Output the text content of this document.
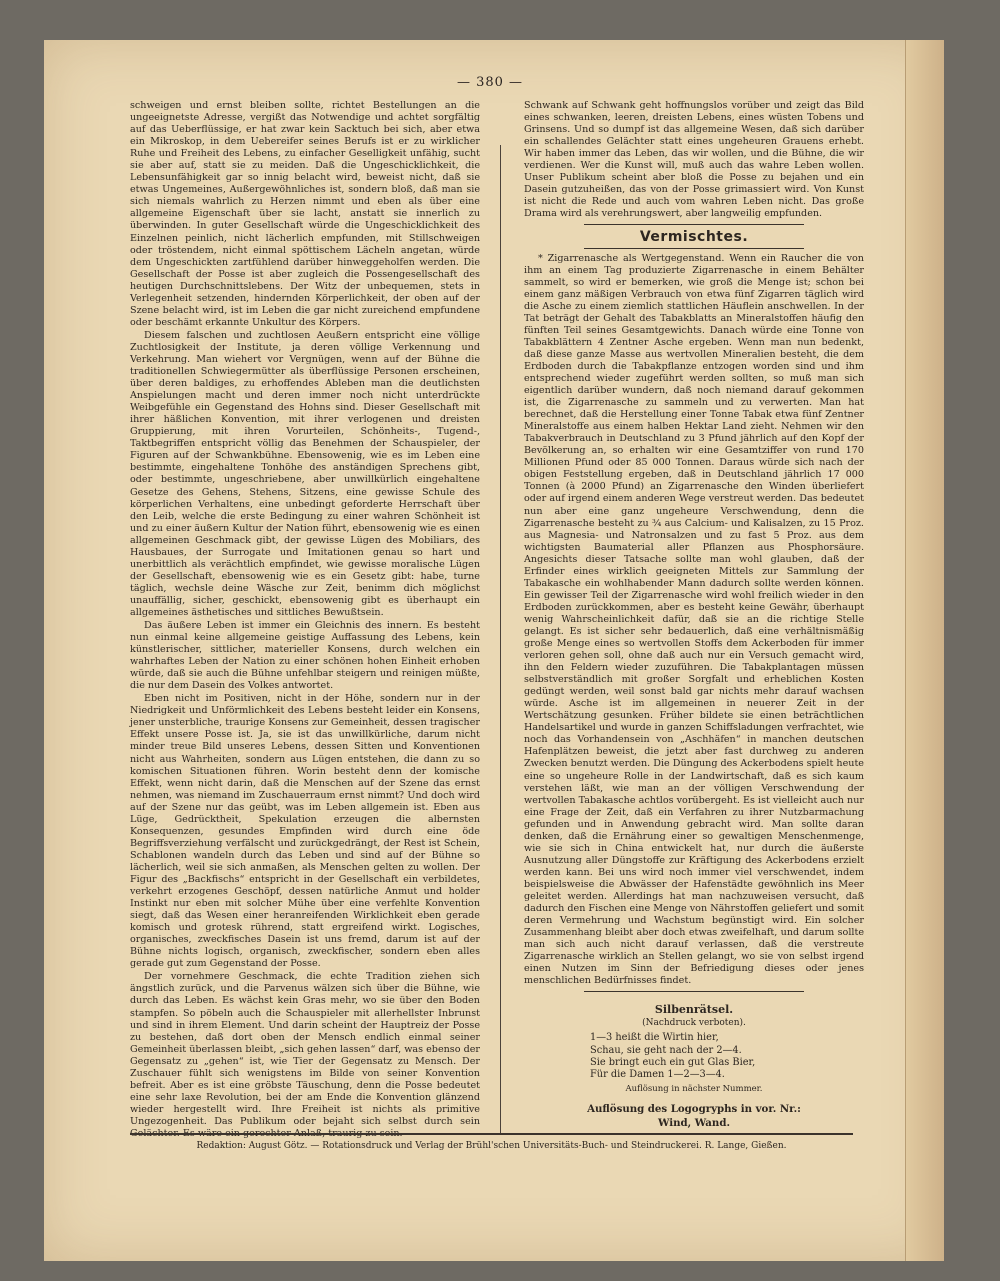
— 380 —

schweigen und ernst bleiben sollte, richtet Bestellungen an die ungeeignetste Adresse, vergißt das Notwendige und achtet sorgfältig auf das Ueberflüssige, er hat zwar kein Sacktuch bei sich, aber etwa ein Mikroskop, in dem Uebereifer seines Berufs ist er zu wirklicher Ruhe und Freiheit des Lebens, zu einfacher Geselligkeit unfähig, sucht sie aber auf, statt sie zu meiden. Daß die Ungeschicklichkeit, die Lebensunfähigkeit gar so innig belacht wird, beweist nicht, daß sie etwas Ungemeines, Außergewöhnliches ist, sondern bloß, daß man sie sich niemals wahrlich zu Herzen nimmt und eben als über eine allgemeine Eigenschaft über sie lacht, anstatt sie innerlich zu überwinden. In guter Gesellschaft würde die Ungeschicklichkeit des Einzelnen peinlich, nicht lächerlich empfunden, mit Stillschweigen oder tröstendem, nicht einmal spöttischem Lächeln angetan, würde dem Ungeschickten zartfühlend darüber hinweggeholfen werden. Die Gesellschaft der Posse ist aber zugleich die Possengesellschaft des heutigen Durchschnittslebens. Der Witz der unbequemen, stets in Verlegenheit setzenden, hindernden Körperlichkeit, der oben auf der Szene belacht wird, ist im Leben die gar nicht zureichend empfundene oder beschämt erkannte Unkultur des Körpers.

Diesem falschen und zuchtlosen Aeußern entspricht eine völlige Zuchtlosigkeit der Institute, ja deren völlige Verkennung und Verkehrung. Man wiehert vor Vergnügen, wenn auf der Bühne die traditionellen Schwiegermütter als überflüssige Personen erscheinen, über deren baldiges, zu erhoffendes Ableben man die deutlichsten Anspielungen macht und deren immer noch nicht unterdrückte Weibgefühle ein Gegenstand des Hohns sind. Dieser Gesellschaft mit ihrer häßlichen Konvention, mit ihrer verlogenen und dreisten Gruppierung, mit ihren Vorurteilen, Schönheits-, Tugend-, Taktbegriffen entspricht völlig das Benehmen der Schauspieler, der Figuren auf der Schwankbühne. Ebensowenig, wie es im Leben eine bestimmte, eingehaltene Tonhöhe des anständigen Sprechens gibt, oder bestimmte, ungeschriebene, aber unwillkürlich eingehaltene Gesetze des Gehens, Stehens, Sitzens, eine gewisse Schule des körperlichen Verhaltens, eine unbedingt geforderte Herrschaft über den Leib, welche die erste Bedingung zu einer wahren Schönheit ist und zu einer äußern Kultur der Nation führt, ebensowenig wie es einen allgemeinen Geschmack gibt, der gewisse Lügen des Mobiliars, des Hausbaues, der Surrogate und Imitationen genau so hart und unerbittlich als verächtlich empfindet, wie gewisse moralische Lügen der Gesellschaft, ebensowenig wie es ein Gesetz gibt: habe, turne täglich, wechsle deine Wäsche zur Zeit, benimm dich möglichst unauffällig, sicher, geschickt, ebensowenig gibt es überhaupt ein allgemeines ästhetisches und sittliches Bewußtsein.

Das äußere Leben ist immer ein Gleichnis des innern. Es besteht nun einmal keine allgemeine geistige Auffassung des Lebens, kein künstlerischer, sittlicher, materieller Konsens, durch welchen ein wahrhaftes Leben der Nation zu einer schönen hohen Einheit erhoben würde, daß sie auch die Bühne unfehlbar steigern und reinigen müßte, die nur dem Dasein des Volkes antwortet.

Eben nicht im Positiven, nicht in der Höhe, sondern nur in der Niedrigkeit und Unförmlichkeit des Lebens besteht leider ein Konsens, jener unsterbliche, traurige Konsens zur Gemeinheit, dessen tragischer Effekt unsere Posse ist. Ja, sie ist das unwillkürliche, darum nicht minder treue Bild unseres Lebens, dessen Sitten und Konventionen nicht aus Wahrheiten, sondern aus Lügen entstehen, die dann zu so komischen Situationen führen. Worin besteht denn der komische Effekt, wenn nicht darin, daß die Menschen auf der Szene das ernst nehmen, was niemand im Zuschauerraum ernst nimmt? Und doch wird auf der Szene nur das geübt, was im Leben allgemein ist. Eben aus Lüge, Gedrücktheit, Spekulation erzeugen die albernsten Konsequenzen, gesundes Empfinden wird durch eine öde Begriffsverziehung verfälscht und zurückgedrängt, der Rest ist Schein, Schablonen wandeln durch das Leben und sind auf der Bühne so lächerlich, weil sie sich anmaßen, als Menschen gelten zu wollen. Der Figur des „Backfischs“ entspricht in der Gesellschaft ein verbildetes, verkehrt erzogenes Geschöpf, dessen natürliche Anmut und holder Instinkt nur eben mit solcher Mühe über eine verfehlte Konvention siegt, daß das Wesen einer heranreifenden Wirklichkeit eben gerade komisch und grotesk rührend, statt ergreifend wirkt. Logisches, organisches, zweckfisches Dasein ist uns fremd, darum ist auf der Bühne nichts logisch, organisch, zweckfischer, sondern eben alles gerade gut zum Gegenstand der Posse.

Der vornehmere Geschmack, die echte Tradition ziehen sich ängstlich zurück, und die Parvenus wälzen sich über die Bühne, wie durch das Leben. Es wächst kein Gras mehr, wo sie über den Boden stampfen. So pöbeln auch die Schauspieler mit allerhellster Inbrunst und sind in ihrem Element. Und darin scheint der Hauptreiz der Posse zu bestehen, daß dort oben der Mensch endlich einmal seiner Gemeinheit überlassen bleibt, „sich gehen lassen“ darf, was ebenso der Gegensatz zu „gehen“ ist, wie Tier der Gegensatz zu Mensch. Der Zuschauer fühlt sich wenigstens im Bilde von seiner Konvention befreit. Aber es ist eine gröbste Täuschung, denn die Posse bedeutet eine sehr laxe Revolution, bei der am Ende die Konvention glänzend wieder hergestellt wird. Ihre Freiheit ist nichts als primitive Ungezogenheit. Das Publikum oder bejaht sich selbst durch sein

Schwank auf Schwank geht hoffnungslos vorüber und zeigt das Bild eines schwanken, leeren, dreisten Lebens, eines wüsten Tobens und Grinsens. Und so dumpf ist das allgemeine Wesen, daß sich darüber ein schallendes Gelächter statt eines ungeheuren Grauens erhebt. Wir haben immer das Leben, das wir wollen, und die Bühne, die wir verdienen. Wer die Kunst will, muß auch das wahre Leben wollen. Unser Publikum scheint aber bloß die Posse zu bejahen und ein Dasein gutzuheißen, das von der Posse grimassiert wird. Von Kunst ist nicht die Rede und auch vom wahren Leben nicht. Das große Drama wird als verehrungswert, aber langweilig empfunden.

Vermischtes.

* Zigarrenasche als Wertgegenstand. Wenn ein Raucher die von ihm an einem Tag produzierte Zigarrenasche in einem Behälter sammelt, so wird er bemerken, wie groß die Menge ist; schon bei einem ganz mäßigen Verbrauch von etwa fünf Zigarren täglich wird die Asche zu einem ziemlich stattlichen Häuflein anschwellen. In der Tat beträgt der Gehalt des Tabakblatts an Mineralstoffen häufig den fünften Teil seines Gesamtgewichts. Danach würde eine Tonne von Tabakblättern 4 Zentner Asche ergeben. Wenn man nun bedenkt, daß diese ganze Masse aus wertvollen Mineralien besteht, die dem Erdboden durch die Tabakpflanze entzogen worden sind und ihm entsprechend wieder zugeführt werden sollten, so muß man sich eigentlich darüber wundern, daß noch niemand darauf gekommen ist, die Zigarrenasche zu sammeln und zu verwerten. Man hat berechnet, daß die Herstellung einer Tonne Tabak etwa fünf Zentner Mineralstoffe aus einem halben Hektar Land zieht. Nehmen wir den Tabakverbrauch in Deutschland zu 3 Pfund jährlich auf den Kopf der Bevölkerung an, so erhalten wir eine Gesamtziffer von rund 170 Millionen Pfund oder 85 000 Tonnen. Daraus würde sich nach der obigen Feststellung ergeben, daß in Deutschland jährlich 17 000 Tonnen (à 2000 Pfund) an Zigarrenasche den Winden überliefert oder auf irgend einem anderen Wege verstreut werden. Das bedeutet nun aber eine ganz ungeheure Verschwendung, denn die Zigarrenasche besteht zu ¾ aus Calcium- und Kalisalzen, zu 15 Proz. aus Magnesia- und Natronsalzen und zu fast 5 Proz. aus dem wichtigsten Baumaterial aller Pflanzen aus Phosphorsäure. Angesichts dieser Tatsache sollte man wohl glauben, daß der Erfinder eines wirklich geeigneten Mittels zur Sammlung der Tabakasche ein wohlhabender Mann dadurch sollte werden können. Ein gewisser Teil der Zigarrenasche wird wohl freilich wieder in den Erdboden zurückkommen, aber es besteht keine Gewähr, überhaupt wenig Wahrscheinlichkeit dafür, daß sie an die richtige Stelle gelangt. Es ist sicher sehr bedauerlich, daß eine verhältnismäßig große Menge eines so wertvollen Stoffs dem Ackerboden für immer verloren gehen soll, ohne daß auch nur ein Versuch gemacht wird, ihn den Feldern wieder zuzuführen. Die Tabakplantagen müssen selbstverständlich mit großer Sorgfalt und erheblichen Kosten gedüngt werden, weil sonst bald gar nichts mehr darauf wachsen würde. Asche ist im allgemeinen in neuerer Zeit in der Wertschätzung gesunken. Früher bildete sie einen beträchtlichen Handelsartikel und wurde in ganzen Schiffsladungen verfrachtet, wie noch das Vorhandensein von „Aschhäfen“ in manchen deutschen Hafenplätzen beweist, die jetzt aber fast durchweg zu anderen Zwecken benutzt werden. Die Düngung des Ackerbodens spielt heute eine so ungeheure Rolle in der Landwirtschaft, daß es sich kaum verstehen läßt, wie man an der völligen Verschwendung der wertvollen Tabakasche achtlos vorübergeht. Es ist vielleicht auch nur eine Frage der Zeit, daß ein Verfahren zu ihrer Nutzbarmachung gefunden und in Anwendung gebracht wird. Man sollte daran denken, daß die Ernährung einer so gewaltigen Menschenmenge, wie sie sich in China entwickelt hat, nur durch die äußerste Ausnutzung aller Düngstoffe zur Kräftigung des Ackerbodens erzielt werden kann. Bei uns wird noch immer viel verschwendet, indem beispielsweise die Abwässer der Hafenstädte gewöhnlich ins Meer geleitet werden. Allerdings hat man nachzuweisen versucht, daß dadurch den Fischen eine Menge von Nährstoffen geliefert und somit deren Vermehrung und Wachstum begünstigt wird. Ein solcher Zusammenhang bleibt aber doch etwas zweifelhaft, und darum sollte man sich auch nicht darauf verlassen, daß die verstreute Zigarrenasche wirklich an Stellen gelangt, wo sie von selbst irgend einen Nutzen im Sinn der Befriedigung dieses oder jenes menschlichen Bedürfnisses findet.

Silbenrätsel.
(Nachdruck verboten).
1—3 heißt die Wirtin hier,
Schau, sie geht nach der 2—4.
Sie bringt euch ein gut Glas Bier,
Für die Damen 1—2—3—4.
Auflösung in nächster Nummer.
Auflösung des Logogryphs in vor. Nr.:
Wind, Wand.
Redaktion: August Götz. — Rotationsdruck und Verlag der Brühl'schen Universitäts-Buch- und Steindruckerei. R. Lange, Gießen.
